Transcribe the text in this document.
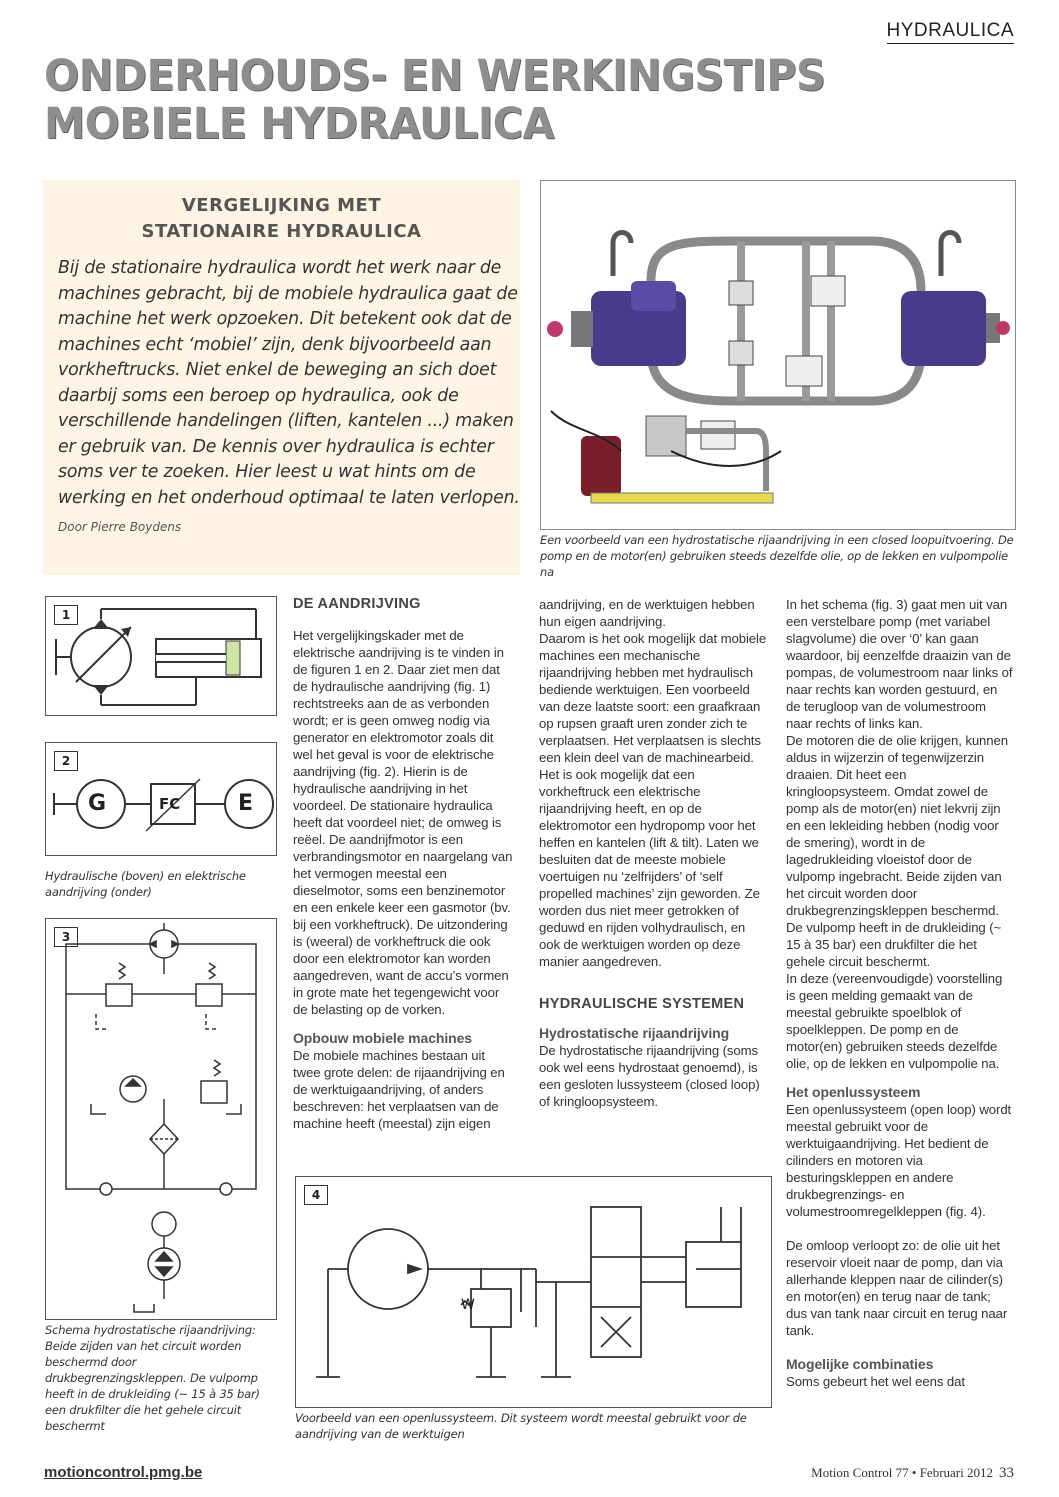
HYDRAULICA
ONDERHOUDS- EN WERKINGSTIPS
MOBIELE HYDRAULICA
VERGELIJKING MET
STATIONAIRE HYDRAULICA
Bij de stationaire hydraulica wordt het werk naar de machines gebracht, bij de mobiele hydraulica gaat de machine het werk opzoeken. Dit betekent ook dat de machines echt ‘mobiel’ zijn, denk bijvoorbeeld aan vorkheftrucks. Niet enkel de beweging an sich doet daarbij soms een beroep op hydraulica, ook de verschillende handelingen (liften, kantelen ...) maken er gebruik van. De kennis over hydraulica is echter soms ver te zoeken. Hier leest u wat hints om de werking en het onderhoud optimaal te laten verlopen.
Door Pierre Boydens
Een voorbeeld van een hydrostatische rijaandrijving in een closed loopuitvoering. De pomp en de motor(en) gebruiken steeds dezelfde olie, op de lekken en vulpompolie na
1
2
G	FC	E
Hydraulische (boven) en elektrische aandrijving (onder)
3
Schema hydrostatische rijaandrijving: Beide zijden van het circuit worden beschermd door drukbegrenzingskleppen. De vulpomp heeft in de drukleiding (~ 15 à 35 bar) een drukfilter die het gehele circuit beschermt
4
W
Voorbeeld van een openlussysteem. Dit systeem wordt meestal gebruikt voor de aandrijving van de werktuigen
DE AANDRIJVING

Het vergelijkingskader met de elektrische aandrijving is te vinden in de figuren 1 en 2. Daar ziet men dat de hydraulische aandrijving (fig. 1) rechtstreeks aan de as verbonden wordt; er is geen omweg nodig via generator en elektromotor zoals dit wel het geval is voor de elektrische aandrijving (fig. 2). Hierin is de hydraulische aandrijving in het voordeel. De stationaire hydraulica heeft dat voordeel niet; de omweg is reëel. De aandrijfmotor is een verbrandingsmotor en naargelang van het vermogen meestal een dieselmotor, soms een benzinemotor en een enkele keer een gasmotor (bv. bij een vorkheftruck). De uitzondering is (weeral) de vorkheftruck die ook door een elektromotor kan worden aangedreven, want de accu’s vormen in grote mate het tegengewicht voor de belasting op de vorken.

Opbouw mobiele machines

De mobiele machines bestaan uit twee grote delen: de rijaandrijving en de werktuigaandrijving, of anders beschreven: het verplaatsen van de machine heeft (meestal) zijn eigen

aandrijving, en de werktuigen hebben hun eigen aandrijving.

Daarom is het ook mogelijk dat mobiele machines een mechanische rijaandrijving hebben met hydraulisch bediende werktuigen. Een voorbeeld van deze laatste soort: een graafkraan op rupsen graaft uren zonder zich te verplaatsen. Het verplaatsen is slechts een klein deel van de machinearbeid.

Het is ook mogelijk dat een vorkheftruck een elektrische rijaandrijving heeft, en op de elektromotor een hydropomp voor het heffen en kantelen (lift & tilt). Laten we besluiten dat de meeste mobiele voertuigen nu ‘zelfrijders’ of ‘self propelled machines’ zijn geworden. Ze worden dus niet meer getrokken of geduwd en rijden volhydraulisch, en ook de werktuigen worden op deze manier aangedreven.

HYDRAULISCHE SYSTEMEN
Hydrostatische rijaandrijving

De hydrostatische rijaandrijving (soms ook wel eens hydrostaat genoemd), is een gesloten lussysteem (closed loop) of kringloopsysteem.

In het schema (fig. 3) gaat men uit van een verstelbare pomp (met variabel slagvolume) die over ‘0’ kan gaan waardoor, bij eenzelfde draaizin van de pompas, de volumestroom naar links of naar rechts kan worden gestuurd, en de terugloop van de volumestroom naar rechts of links kan.

De motoren die de olie krijgen, kunnen aldus in wijzerzin of tegenwijzerzin draaien. Dit heet een kringloopsysteem. Omdat zowel de pomp als de motor(en) niet lekvrij zijn en een lekleiding hebben (nodig voor de smering), wordt in de lagedrukleiding vloeistof door de vulpomp ingebracht. Beide zijden van het circuit worden door drukbegrenzingskleppen beschermd. De vulpomp heeft in de drukleiding (~ 15 à 35 bar) een drukfilter die het gehele circuit beschermt.

In deze (vereenvoudigde) voorstelling is geen melding gemaakt van de meestal gebruikte spoelblok of spoelkleppen. De pomp en de motor(en) gebruiken steeds dezelfde olie, op de lekken en vulpompolie na.

Het openlussysteem

Een openlussysteem (open loop) wordt meestal gebruikt voor de werktuigaandrijving. Het bedient de cilinders en motoren via besturingskleppen en andere drukbegrenzings- en volumestroomregelkleppen (fig. 4).

De omloop verloopt zo: de olie uit het reservoir vloeit naar de pomp, dan via allerhande kleppen naar de cilinder(s) en motor(en) en terug naar de tank; dus van tank naar circuit en terug naar tank.

Mogelijke combinaties

Soms gebeurt het wel eens dat

motioncontrol.pmg.be	Motion Control 77 • Februari 2012 33
